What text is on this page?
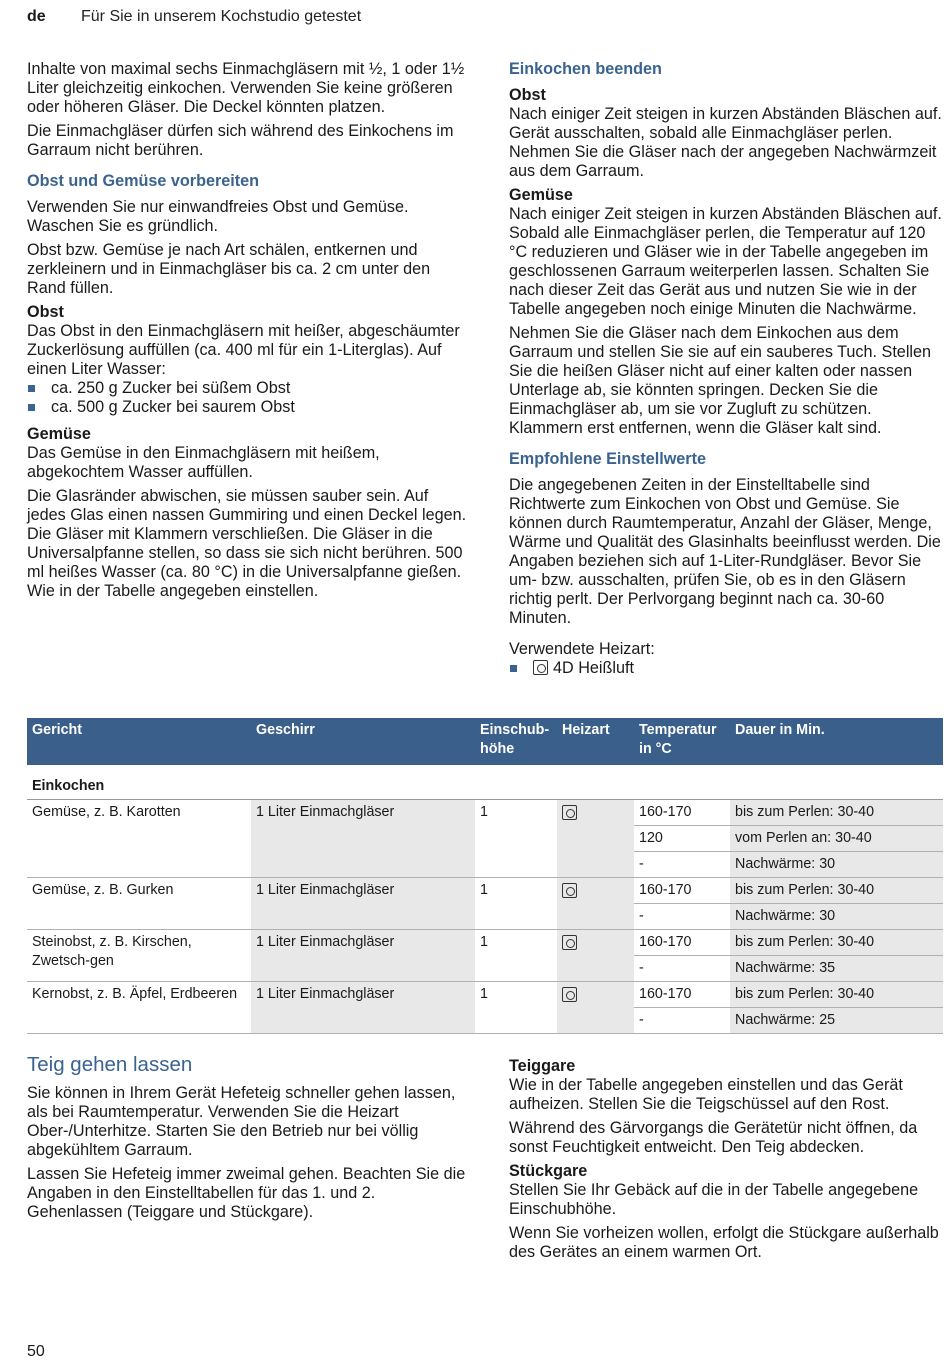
de Für Sie in unserem Kochstudio getestet

Inhalte von maximal sechs Einmachgläsern mit ½, 1 oder 1½ Liter gleichzeitig einkochen. Verwenden Sie keine größeren oder höheren Gläser. Die Deckel könnten platzen.

Die Einmachgläser dürfen sich während des Einkochens im Garraum nicht berühren.

Obst und Gemüse vorbereiten

Verwenden Sie nur einwandfreies Obst und Gemüse. Waschen Sie es gründlich.

Obst bzw. Gemüse je nach Art schälen, entkernen und zerkleinern und in Einmachgläser bis ca. 2 cm unter den Rand füllen.

Obst

Das Obst in den Einmachgläsern mit heißer, abgeschäumter Zuckerlösung auffüllen (ca. 400 ml für ein 1-Literglas). Auf einen Liter Wasser:

ca. 250 g Zucker bei süßem Obst
ca. 500 g Zucker bei saurem Obst
Gemüse

Das Gemüse in den Einmachgläsern mit heißem, abgekochtem Wasser auffüllen.

Die Glasränder abwischen, sie müssen sauber sein. Auf jedes Glas einen nassen Gummiring und einen Deckel legen. Die Gläser mit Klammern verschließen. Die Gläser in die Universalpfanne stellen, so dass sie sich nicht berühren. 500 ml heißes Wasser (ca. 80 °C) in die Universalpfanne gießen. Wie in der Tabelle angegeben einstellen.

Einkochen beenden
Obst

Nach einiger Zeit steigen in kurzen Abständen Bläschen auf. Gerät ausschalten, sobald alle Einmachgläser perlen. Nehmen Sie die Gläser nach der angegeben Nachwärmzeit aus dem Garraum.

Gemüse

Nach einiger Zeit steigen in kurzen Abständen Bläschen auf. Sobald alle Einmachgläser perlen, die Temperatur auf 120 °C reduzieren und Gläser wie in der Tabelle angegeben im geschlossenen Garraum weiterperlen lassen. Schalten Sie nach dieser Zeit das Gerät aus und nutzen Sie wie in der Tabelle angegeben noch einige Minuten die Nachwärme.

Nehmen Sie die Gläser nach dem Einkochen aus dem Garraum und stellen Sie sie auf ein sauberes Tuch. Stellen Sie die heißen Gläser nicht auf einer kalten oder nassen Unterlage ab, sie könnten springen. Decken Sie die Einmachgläser ab, um sie vor Zugluft zu schützen. Klammern erst entfernen, wenn die Gläser kalt sind.

Empfohlene Einstellwerte

Die angegebenen Zeiten in der Einstelltabelle sind Richtwerte zum Einkochen von Obst und Gemüse. Sie können durch Raumtemperatur, Anzahl der Gläser, Menge, Wärme und Qualität des Glasinhalts beeinflusst werden. Die Angaben beziehen sich auf 1-Liter-Rundgläser. Bevor Sie um- bzw. ausschalten, prüfen Sie, ob es in den Gläsern richtig perlt. Der Perlvorgang beginnt nach ca. 30-60 Minuten.

Verwendete Heizart:

4D Heißluft
Gericht	Geschirr	Einschub-
höhe	Heizart	Temperatur
in °C	Dauer in Min.
Einkochen					
Gemüse, z. B. Karotten	1 Liter Einmachgläser	1		160-170	bis zum Perlen: 30-40
				120	vom Perlen an: 30-40
				-	Nachwärme: 30
Gemüse, z. B. Gurken	1 Liter Einmachgläser	1		160-170	bis zum Perlen: 30-40
				-	Nachwärme: 30
Steinobst, z. B. Kirschen, Zwetsch-gen	1 Liter Einmachgläser	1		160-170	bis zum Perlen: 30-40
				-	Nachwärme: 35
Kernobst, z. B. Äpfel, Erdbeeren	1 Liter Einmachgläser	1		160-170	bis zum Perlen: 30-40
				-	Nachwärme: 25
Teig gehen lassen

Sie können in Ihrem Gerät Hefeteig schneller gehen lassen, als bei Raumtemperatur. Verwenden Sie die Heizart Ober-/Unterhitze. Starten Sie den Betrieb nur bei völlig abgekühltem Garraum.

Lassen Sie Hefeteig immer zweimal gehen. Beachten Sie die Angaben in den Einstelltabellen für das 1. und 2. Gehenlassen (Teiggare und Stückgare).

Teiggare

Wie in der Tabelle angegeben einstellen und das Gerät aufheizen. Stellen Sie die Teigschüssel auf den Rost.

Während des Gärvorgangs die Gerätetür nicht öffnen, da sonst Feuchtigkeit entweicht. Den Teig abdecken.

Stückgare

Stellen Sie Ihr Gebäck auf die in der Tabelle angegebene Einschubhöhe.

Wenn Sie vorheizen wollen, erfolgt die Stückgare außerhalb des Gerätes an einem warmen Ort.

50
